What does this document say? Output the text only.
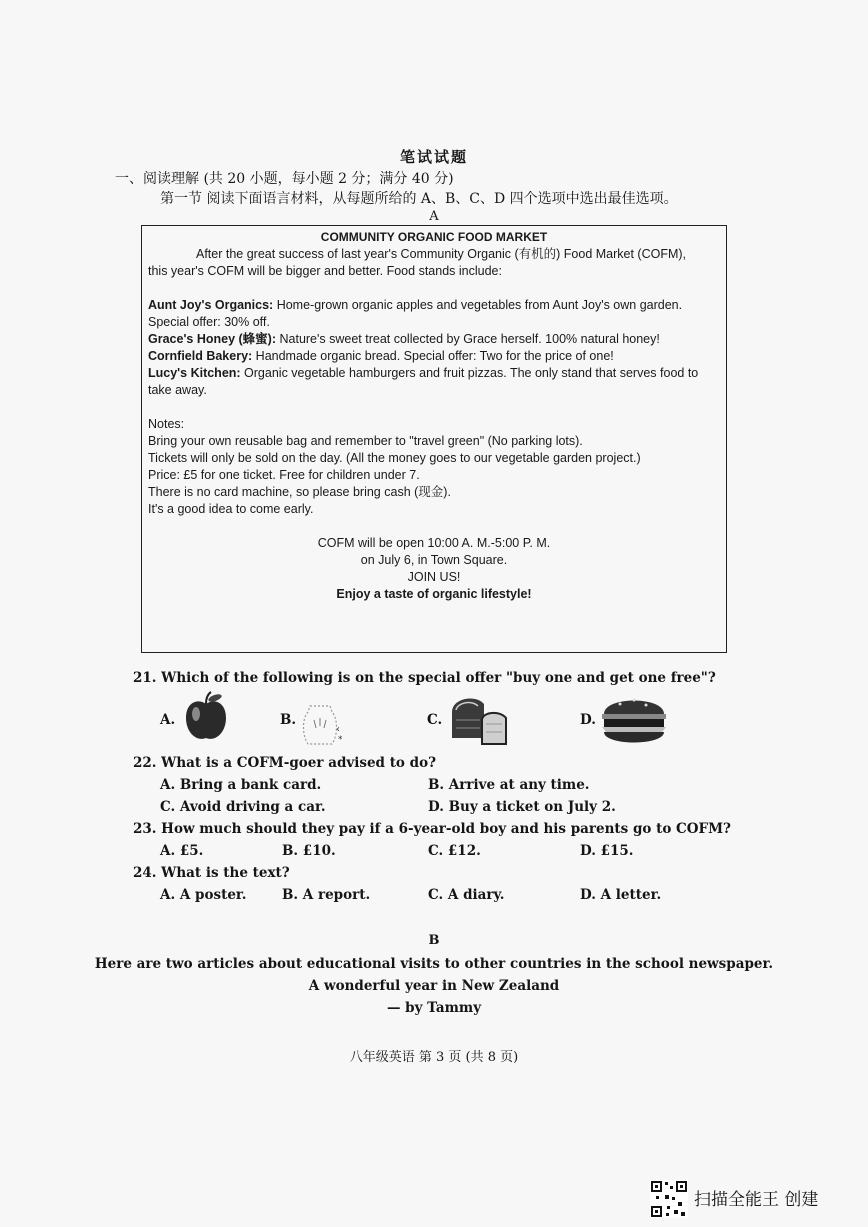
笔试试题
一、阅读理解 (共 20 小题，每小题 2 分；满分 40 分)
第一节 阅读下面语言材料，从每题所给的 A、B、C、D 四个选项中选出最佳选项。
A

COMMUNITY ORGANIC FOOD MARKET

After the great success of last year's Community Organic (有机的) Food Market (COFM),

this year's COFM will be bigger and better. Food stands include:

Aunt Joy's Organics: Home-grown organic apples and vegetables from Aunt Joy's own garden.

Special offer: 30% off.

Grace's Honey (蜂蜜): Nature's sweet treat collected by Grace herself. 100% natural honey!

Cornfield Bakery: Handmade organic bread. Special offer: Two for the price of one!

Lucy's Kitchen: Organic vegetable hamburgers and fruit pizzas. The only stand that serves food to

take away.

Notes:

Bring your own reusable bag and remember to "travel green" (No parking lots).

Tickets will only be sold on the day. (All the money goes to our vegetable garden project.)

Price: £5 for one ticket. Free for children under 7.

There is no card machine, so please bring cash (现金).

It's a good idea to come early.

COFM will be open 10:00 A. M.-5:00 P. M.

on July 6, in Town Square.

JOIN US!

Enjoy a taste of organic lifestyle!

21. Which of the following is on the special offer "buy one and get one free"?
A.	B.
‹
*
C.	D.
22. What is a COFM-goer advised to do?
A. Bring a bank card.	B. Arrive at any time.
C. Avoid driving a car.	D. Buy a ticket on July 2.
23. How much should they pay if a 6-year-old boy and his parents go to COFM?
A. £5.	B. £10.	C. £12.	D. £15.
24. What is the text?
A. A poster.	B. A report.	C. A diary.	D. A letter.
B
Here are two articles about educational visits to other countries in the school newspaper.
A wonderful year in New Zealand
— by Tammy
八年级英语 第 3 页 (共 8 页)
扫描全能王 创建
